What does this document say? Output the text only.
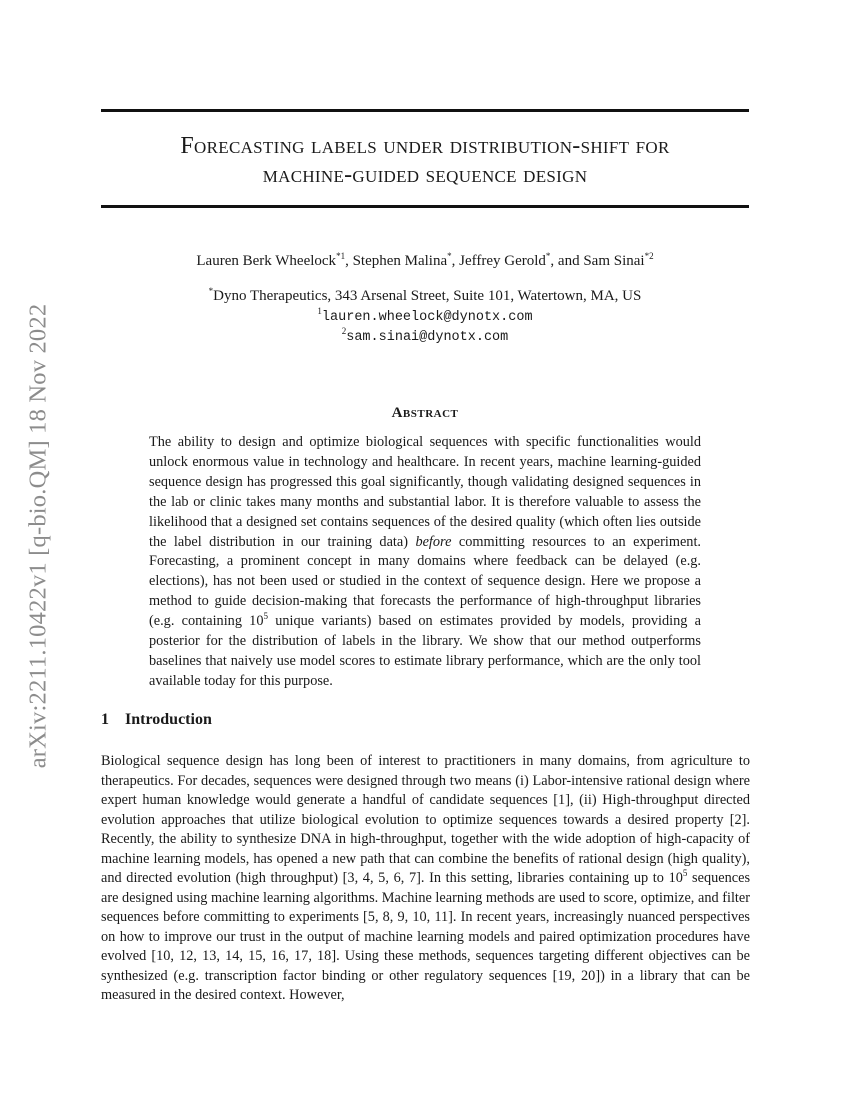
arXiv:2211.10422v1 [q-bio.QM] 18 Nov 2022
Forecasting labels under distribution-shift for
machine-guided sequence design
Lauren Berk Wheelock$^{*1}$, Stephen Malina*, Jeffrey Gerold*, and Sam Sinai$^{*2}$
*Dyno Therapeutics, 343 Arsenal Street, Suite 101, Watertown, MA, US
$^1$lauren.wheelock@dynotx.com
$^2$sam.sinai@dynotx.com
Abstract

The ability to design and optimize biological sequences with specific functionalities would unlock enormous value in technology and healthcare. In recent years, machine learning-guided sequence design has progressed this goal significantly, though validating designed sequences in the lab or clinic takes many months and substantial labor. It is therefore valuable to assess the likelihood that a designed set contains sequences of the desired quality (which often lies outside the label distribution in our training data) before committing resources to an experiment. Forecasting, a prominent concept in many domains where feedback can be delayed (e.g. elections), has not been used or studied in the context of sequence design. Here we propose a method to guide decision-making that forecasts the performance of high-throughput libraries (e.g. containing $10^5$ unique variants) based on estimates provided by models, providing a posterior for the distribution of labels in the library. We show that our method outperforms baselines that naively use model scores to estimate library performance, which are the only tool available today for this purpose.

1 Introduction

Biological sequence design has long been of interest to practitioners in many domains, from agriculture to therapeutics. For decades, sequences were designed through two means (i) Labor-intensive rational design where expert human knowledge would generate a handful of candidate sequences [1], (ii) High-throughput directed evolution approaches that utilize biological evolution to optimize sequences towards a desired property [2]. Recently, the ability to synthesize DNA in high-throughput, together with the wide adoption of high-capacity of machine learning models, has opened a new path that can combine the benefits of rational design (high quality), and directed evolution (high throughput) [3, 4, 5, 6, 7]. In this setting, libraries containing up to $10^5$ sequences are designed using machine learning algorithms. Machine learning methods are used to score, optimize, and filter sequences before committing to experiments [5, 8, 9, 10, 11]. In recent years, increasingly nuanced perspectives on how to improve our trust in the output of machine learning models and paired optimization procedures have evolved [10, 12, 13, 14, 15, 16, 17, 18]. Using these methods, sequences targeting different objectives can be synthesized (e.g. transcription factor binding or other regulatory sequences [19, 20]) in a library that can be measured in the desired context. However,
